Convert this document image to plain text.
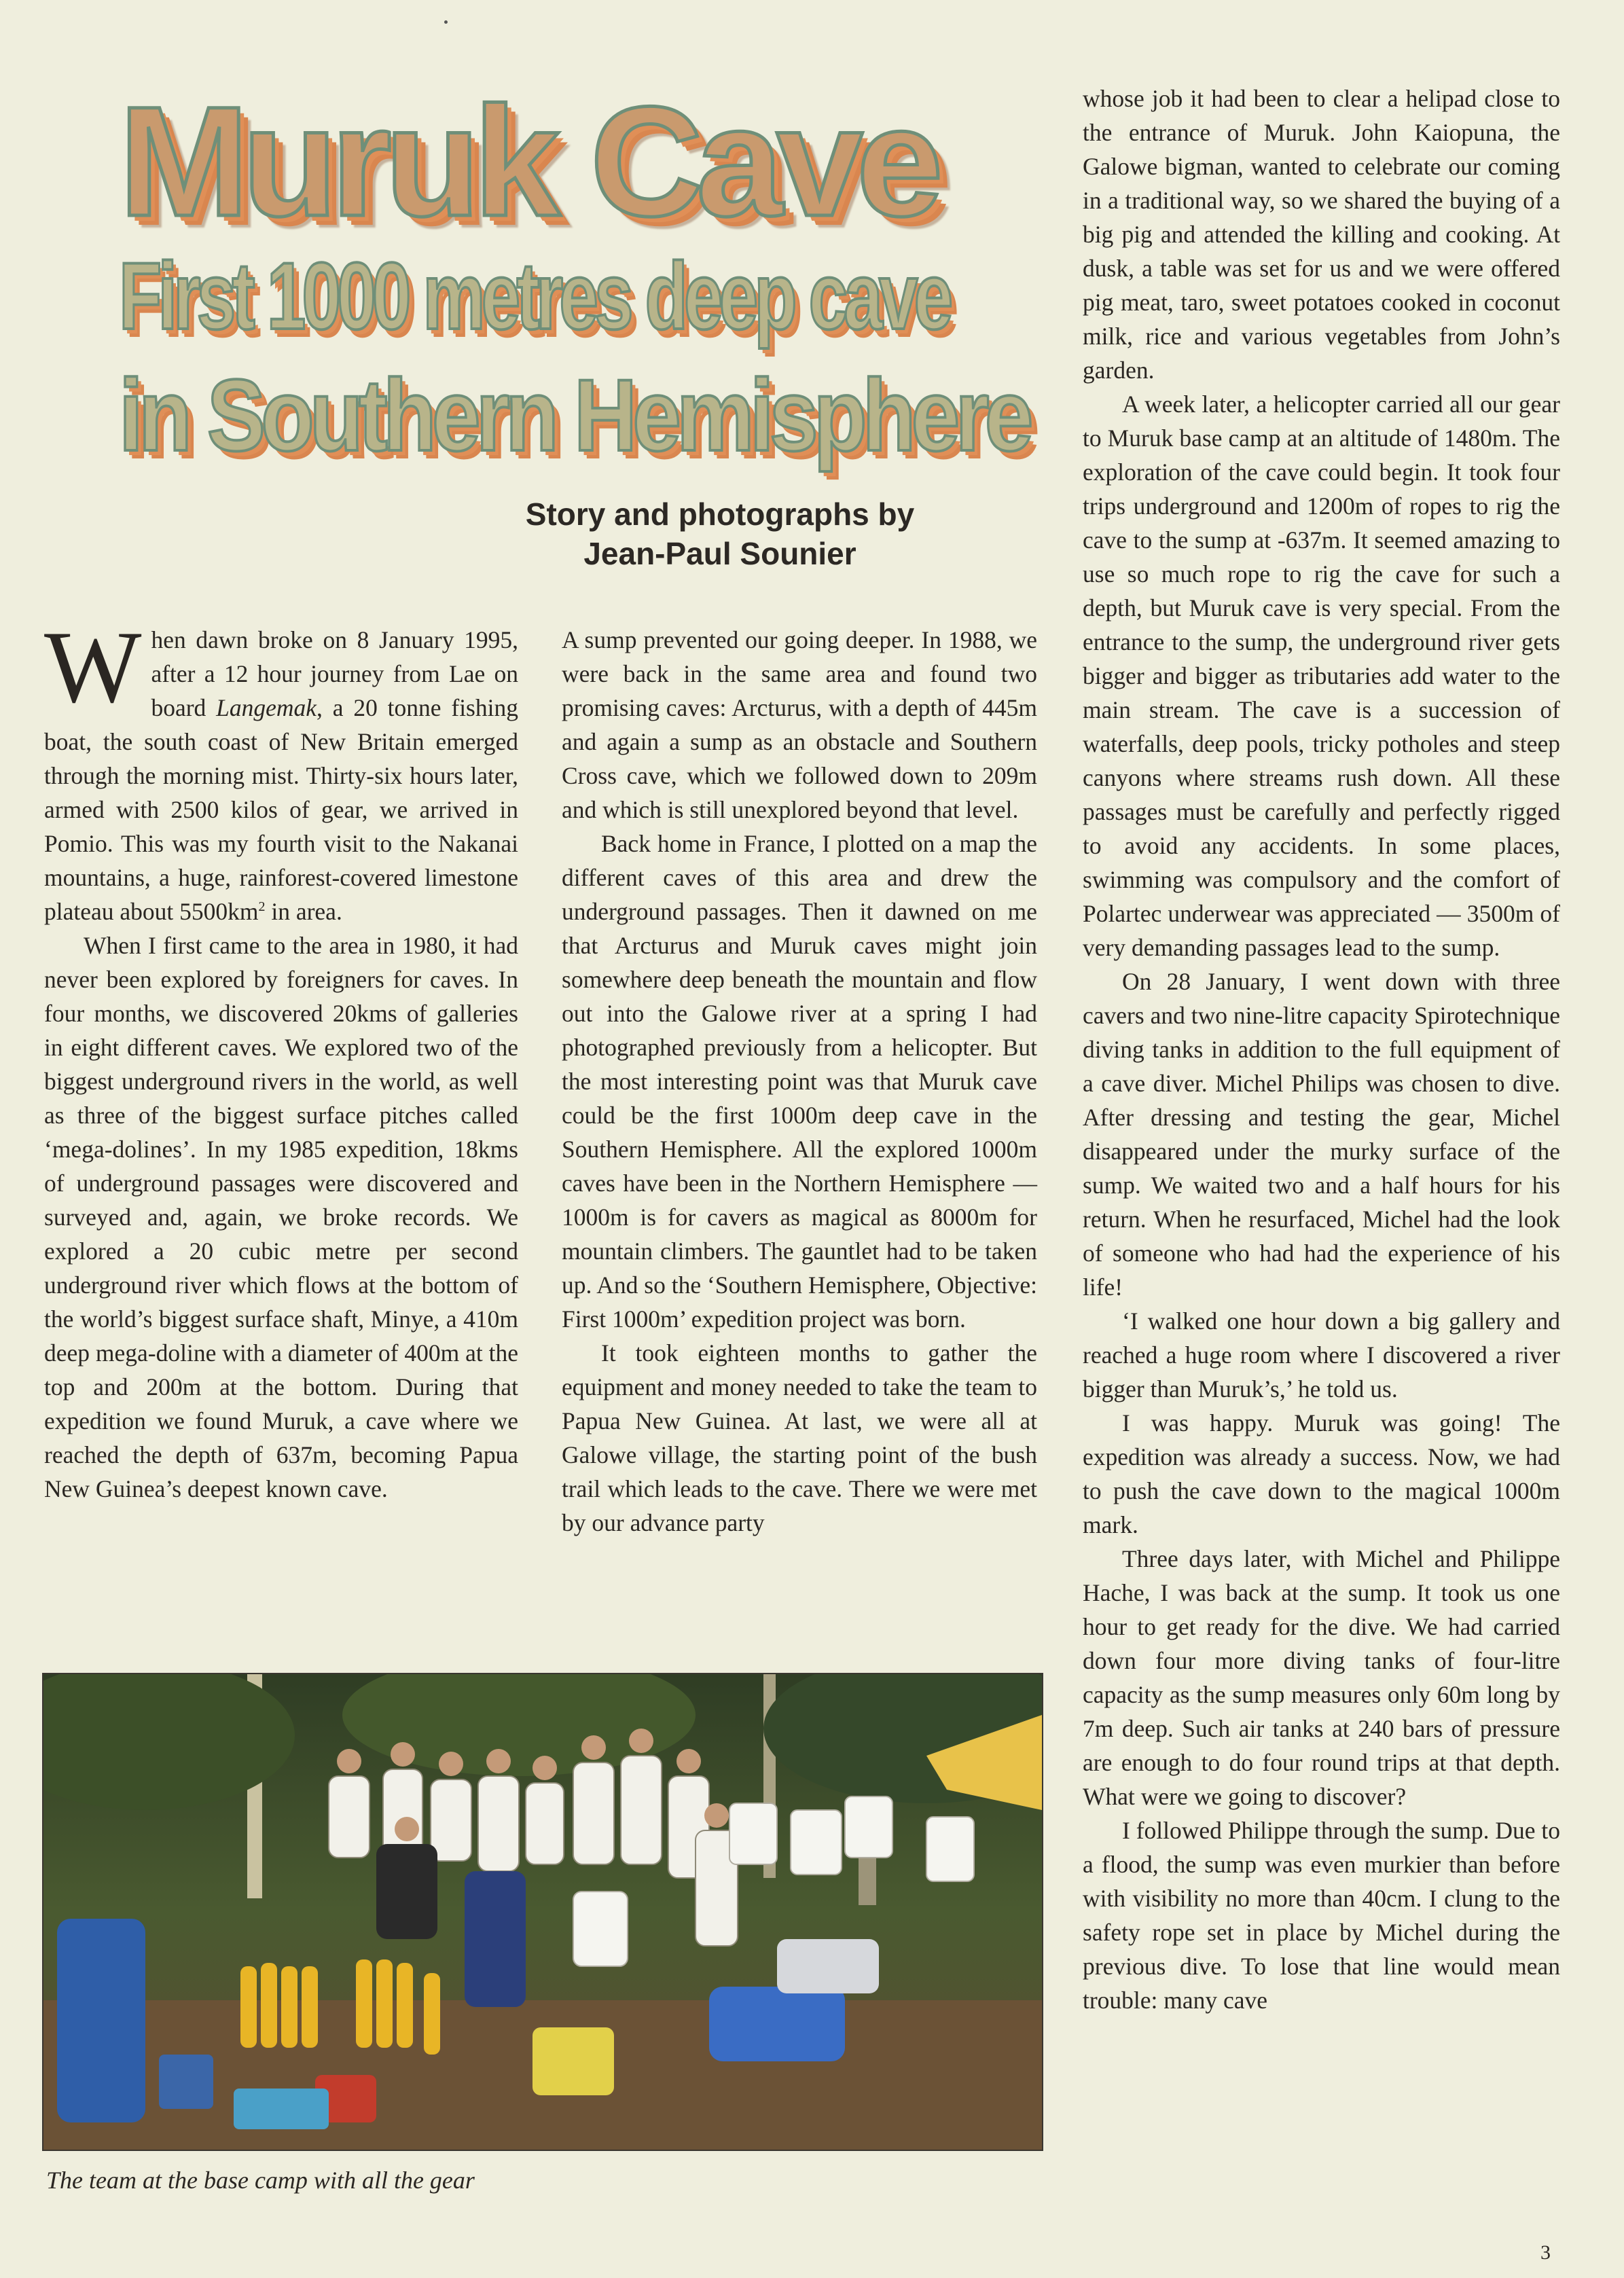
Muruk Cave
First 1000 metres deep cave
in Southern Hemisphere
Story and photographs by
Jean-Paul Sounier

When dawn broke on 8 January 1995, after a 12 hour journey from Lae on board Langemak, a 20 tonne fishing boat, the south coast of New Britain emerged through the morning mist. Thirty-six hours later, armed with 2500 kilos of gear, we arrived in Pomio. This was my fourth visit to the Nakanai mountains, a huge, rainforest-covered limestone plateau about $5500km^2$ in area.

When I first came to the area in 1980, it had never been explored by foreigners for caves. In four months, we discovered 20kms of galleries in eight different caves. We explored two of the biggest underground rivers in the world, as well as three of the biggest surface pitches called ‘mega-dolines’. In my 1985 expedition, 18kms of underground passages were discovered and surveyed and, again, we broke records. We explored a 20 cubic metre per second underground river which flows at the bottom of the world’s biggest surface shaft, Minye, a 410m deep mega-doline with a diameter of 400m at the top and 200m at the bottom. During that expedition we found Muruk, a cave where we reached the depth of 637m, becoming Papua New Guinea’s deepest known cave.

A sump prevented our going deeper. In 1988, we were back in the same area and found two promising caves: Arcturus, with a depth of 445m and again a sump as an obstacle and Southern Cross cave, which we followed down to 209m and which is still unexplored beyond that level.

Back home in France, I plotted on a map the different caves of this area and drew the underground passages. Then it dawned on me that Arcturus and Muruk caves might join somewhere deep beneath the mountain and flow out into the Galowe river at a spring I had photographed previously from a helicopter. But the most interesting point was that Muruk cave could be the first 1000m deep cave in the Southern Hemisphere. All the explored 1000m caves have been in the Northern Hemisphere — 1000m is for cavers as magical as 8000m for mountain climbers. The gauntlet had to be taken up. And so the ‘Southern Hemisphere, Objective: First 1000m’ expedition project was born.

It took eighteen months to gather the equipment and money needed to take the team to Papua New Guinea. At last, we were all at Galowe village, the starting point of the bush trail which leads to the cave. There we were met by our advance party

whose job it had been to clear a helipad close to the entrance of Muruk. John Kaiopuna, the Galowe bigman, wanted to celebrate our coming in a traditional way, so we shared the buying of a big pig and attended the killing and cooking. At dusk, a table was set for us and we were offered pig meat, taro, sweet potatoes cooked in coconut milk, rice and various vegetables from John’s garden.

A week later, a helicopter carried all our gear to Muruk base camp at an altitude of 1480m. The exploration of the cave could begin. It took four trips underground and 1200m of ropes to rig the cave to the sump at -637m. It seemed amazing to use so much rope to rig the cave for such a depth, but Muruk cave is very special. From the entrance to the sump, the underground river gets bigger and bigger as tributaries add water to the main stream. The cave is a succession of waterfalls, deep pools, tricky potholes and steep canyons where streams rush down. All these passages must be carefully and perfectly rigged to avoid any accidents. In some places, swimming was compulsory and the comfort of Polartec underwear was appreciated — 3500m of very demanding passages lead to the sump.

On 28 January, I went down with three cavers and two nine-litre capacity Spirotechnique diving tanks in addition to the full equipment of a cave diver. Michel Philips was chosen to dive. After dressing and testing the gear, Michel disappeared under the murky surface of the sump. We waited two and a half hours for his return. When he resurfaced, Michel had the look of someone who had had the experience of his life!

‘I walked one hour down a big gallery and reached a huge room where I discovered a river bigger than Muruk’s,’ he told us.

I was happy. Muruk was going! The expedition was already a success. Now, we had to push the cave down to the magical 1000m mark.

Three days later, with Michel and Philippe Hache, I was back at the sump. It took us one hour to get ready for the dive. We had carried down four more diving tanks of four-litre capacity as the sump measures only 60m long by 7m deep. Such air tanks at 240 bars of pressure are enough to do four round trips at that depth. What were we going to discover?

I followed Philippe through the sump. Due to a flood, the sump was even murkier than before with visibility no more than 40cm. I clung to the safety rope set in place by Michel during the previous dive. To lose that line would mean trouble: many cave

The team at the base camp with all the gear
3
